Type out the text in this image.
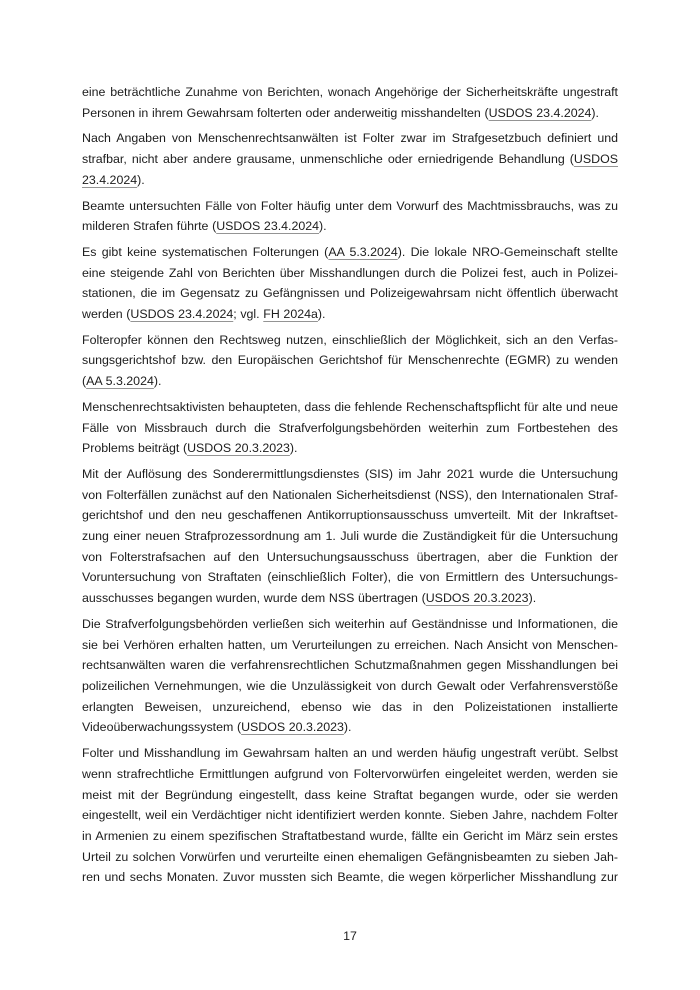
eine beträchtliche Zunahme von Berichten, wonach Angehörige der Sicherheitskräfte ungestraft Personen in ihrem Gewahrsam folterten oder anderweitig misshandelten (USDOS 23.4.2024).

Nach Angaben von Menschenrechtsanwälten ist Folter zwar im Strafgesetzbuch definiert und strafbar, nicht aber andere grausame, unmenschliche oder erniedrigende Behandlung (USDOS 23.4.2024).

Beamte untersuchten Fälle von Folter häufig unter dem Vorwurf des Machtmissbrauchs, was zu milderen Strafen führte (USDOS 23.4.2024).

Es gibt keine systematischen Folterungen (AA 5.3.2024). Die lokale NRO-Gemeinschaft stellte eine steigende Zahl von Berichten über Misshandlungen durch die Polizei fest, auch in Polizeistationen, die im Gegensatz zu Gefängnissen und Polizeigewahrsam nicht öffentlich überwacht werden (USDOS 23.4.2024; vgl. FH 2024a).

Folteropfer können den Rechtsweg nutzen, einschließlich der Möglichkeit, sich an den Verfassungsgerichtshof bzw. den Europäischen Gerichtshof für Menschenrechte (EGMR) zu wenden (AA 5.3.2024).

Menschenrechtsaktivisten behaupteten, dass die fehlende Rechenschaftspflicht für alte und neue Fälle von Missbrauch durch die Strafverfolgungsbehörden weiterhin zum Fortbestehen des Problems beiträgt (USDOS 20.3.2023).

Mit der Auflösung des Sonderermittlungsdienstes (SIS) im Jahr 2021 wurde die Untersuchung von Folterfällen zunächst auf den Nationalen Sicherheitsdienst (NSS), den Internationalen Strafgerichtshof und den neu geschaffenen Antikorruptionsausschuss umverteilt. Mit der Inkraftsetzung einer neuen Strafprozessordnung am 1. Juli wurde die Zuständigkeit für die Untersuchung von Folterstrafsachen auf den Untersuchungsausschuss übertragen, aber die Funktion der Voruntersuchung von Straftaten (einschließlich Folter), die von Ermittlern des Untersuchungsausschusses begangen wurden, wurde dem NSS übertragen (USDOS 20.3.2023).

Die Strafverfolgungsbehörden verließen sich weiterhin auf Geständnisse und Informationen, die sie bei Verhören erhalten hatten, um Verurteilungen zu erreichen. Nach Ansicht von Menschenrechtsanwälten waren die verfahrensrechtlichen Schutzmaßnahmen gegen Misshandlungen bei polizeilichen Vernehmungen, wie die Unzulässigkeit von durch Gewalt oder Verfahrensverstöße erlangten Beweisen, unzureichend, ebenso wie das in den Polizeistationen installierte Videoüberwachungssystem (USDOS 20.3.2023).

Folter und Misshandlung im Gewahrsam halten an und werden häufig ungestraft verübt. Selbst wenn strafrechtliche Ermittlungen aufgrund von Foltervorwürfen eingeleitet werden, werden sie meist mit der Begründung eingestellt, dass keine Straftat begangen wurde, oder sie werden eingestellt, weil ein Verdächtiger nicht identifiziert werden konnte. Sieben Jahre, nachdem Folter in Armenien zu einem spezifischen Straftatbestand wurde, fällte ein Gericht im März sein erstes Urteil zu solchen Vorwürfen und verurteilte einen ehemaligen Gefängnisbeamten zu sieben Jahren und sechs Monaten. Zuvor mussten sich Beamte, die wegen körperlicher Misshandlung zur

17
